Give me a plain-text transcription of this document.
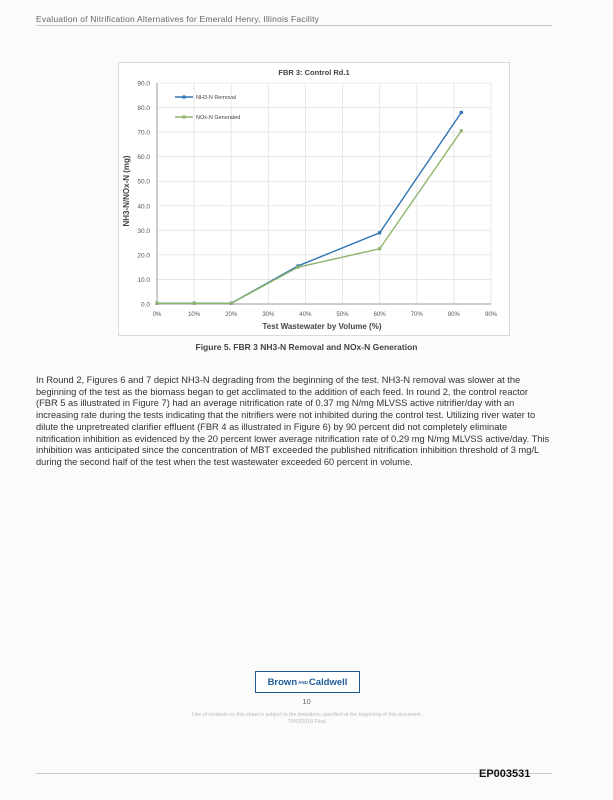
Evaluation of Nitrification Alternatives for Emerald Henry, Illinois Facility
0.0
10.0
20.0
30.0
40.0
50.0
60.0
70.0
80.0
90.0
0%	10%	20%	30%	40%	50%	60%	70%	80%	90%
NH3-N Removal
NOx-N Generated
FBR 3: Control Rd.1
Test Wastewater by Volume (%)
NH3-N/NOx-N (mg)
Figure 5. FBR 3 NH3-N Removal and NOx-N Generation
In Round 2, Figures 6 and 7 depict NH3-N degrading from the beginning of the test. NH3-N removal was slower at the beginning of the test as the biomass began to get acclimated to the addition of each feed. In round 2, the control reactor (FBR 5 as illustrated in Figure 7) had an average nitrification rate of 0.37 mg N/mg MLVSS active nitrifier/day with an increasing rate during the tests indicating that the nitrifiers were not inhibited during the control test. Utilizing river water to dilute the unpretreated clarifier effluent (FBR 4 as illustrated in Figure 6) by 90 percent did not completely eliminate nitrification inhibition as evidenced by the 20 percent lower average nitrification rate of 0.29 mg N/mg MLVSS active/day. This inhibition was anticipated since the concentration of MBT exceeded the published nitrification inhibition threshold of 3 mg/L during the second half of the test when the test wastewater exceeded 60 percent in volume.
Brown AND Caldwell
10
Use of contents on this sheet is subject to the limitations specified at the beginning of this document.
TM032918 Final
EP003531
